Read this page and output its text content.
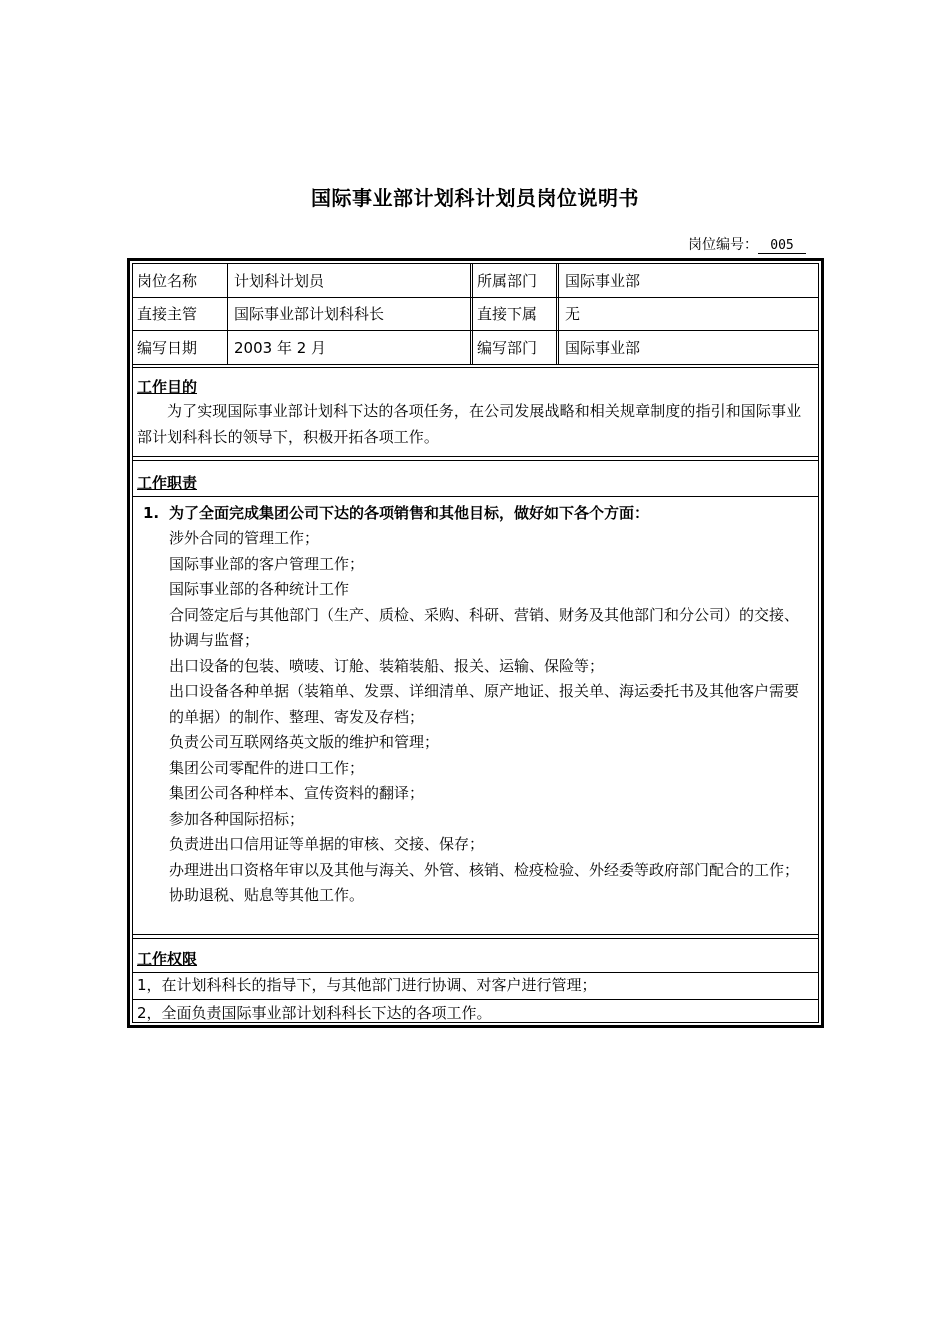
国际事业部计划科计划员岗位说明书
岗位编号： 005
岗位名称	计划科计划员	所属部门	国际事业部
直接主管	国际事业部计划科科长	直接下属	无
编写日期	2003 年 2 月	编写部门	国际事业部
工作目的
为了实现国际事业部计划科下达的各项任务，在公司发展战略和相关规章制度的指引和国际事业部计划科科长的领导下，积极开拓各项工作。
工作职责
1. 为了全面完成集团公司下达的各项销售和其他目标，做好如下各个方面：
涉外合同的管理工作；
国际事业部的客户管理工作；
国际事业部的各种统计工作
合同签定后与其他部门（生产、质检、采购、科研、营销、财务及其他部门和分公司）的交接、协调与监督；
出口设备的包装、喷唛、订舱、装箱装船、报关、运输、保险等；
出口设备各种单据（装箱单、发票、详细清单、原产地证、报关单、海运委托书及其他客户需要的单据）的制作、整理、寄发及存档；
负责公司互联网络英文版的维护和管理；
集团公司零配件的进口工作；
集团公司各种样本、宣传资料的翻译；
参加各种国际招标；
负责进出口信用证等单据的审核、交接、保存；
办理进出口资格年审以及其他与海关、外管、核销、检疫检验、外经委等政府部门配合的工作；
协助退税、贴息等其他工作。
工作权限
1，在计划科科长的指导下，与其他部门进行协调、对客户进行管理；
2，全面负责国际事业部计划科科长下达的各项工作。
